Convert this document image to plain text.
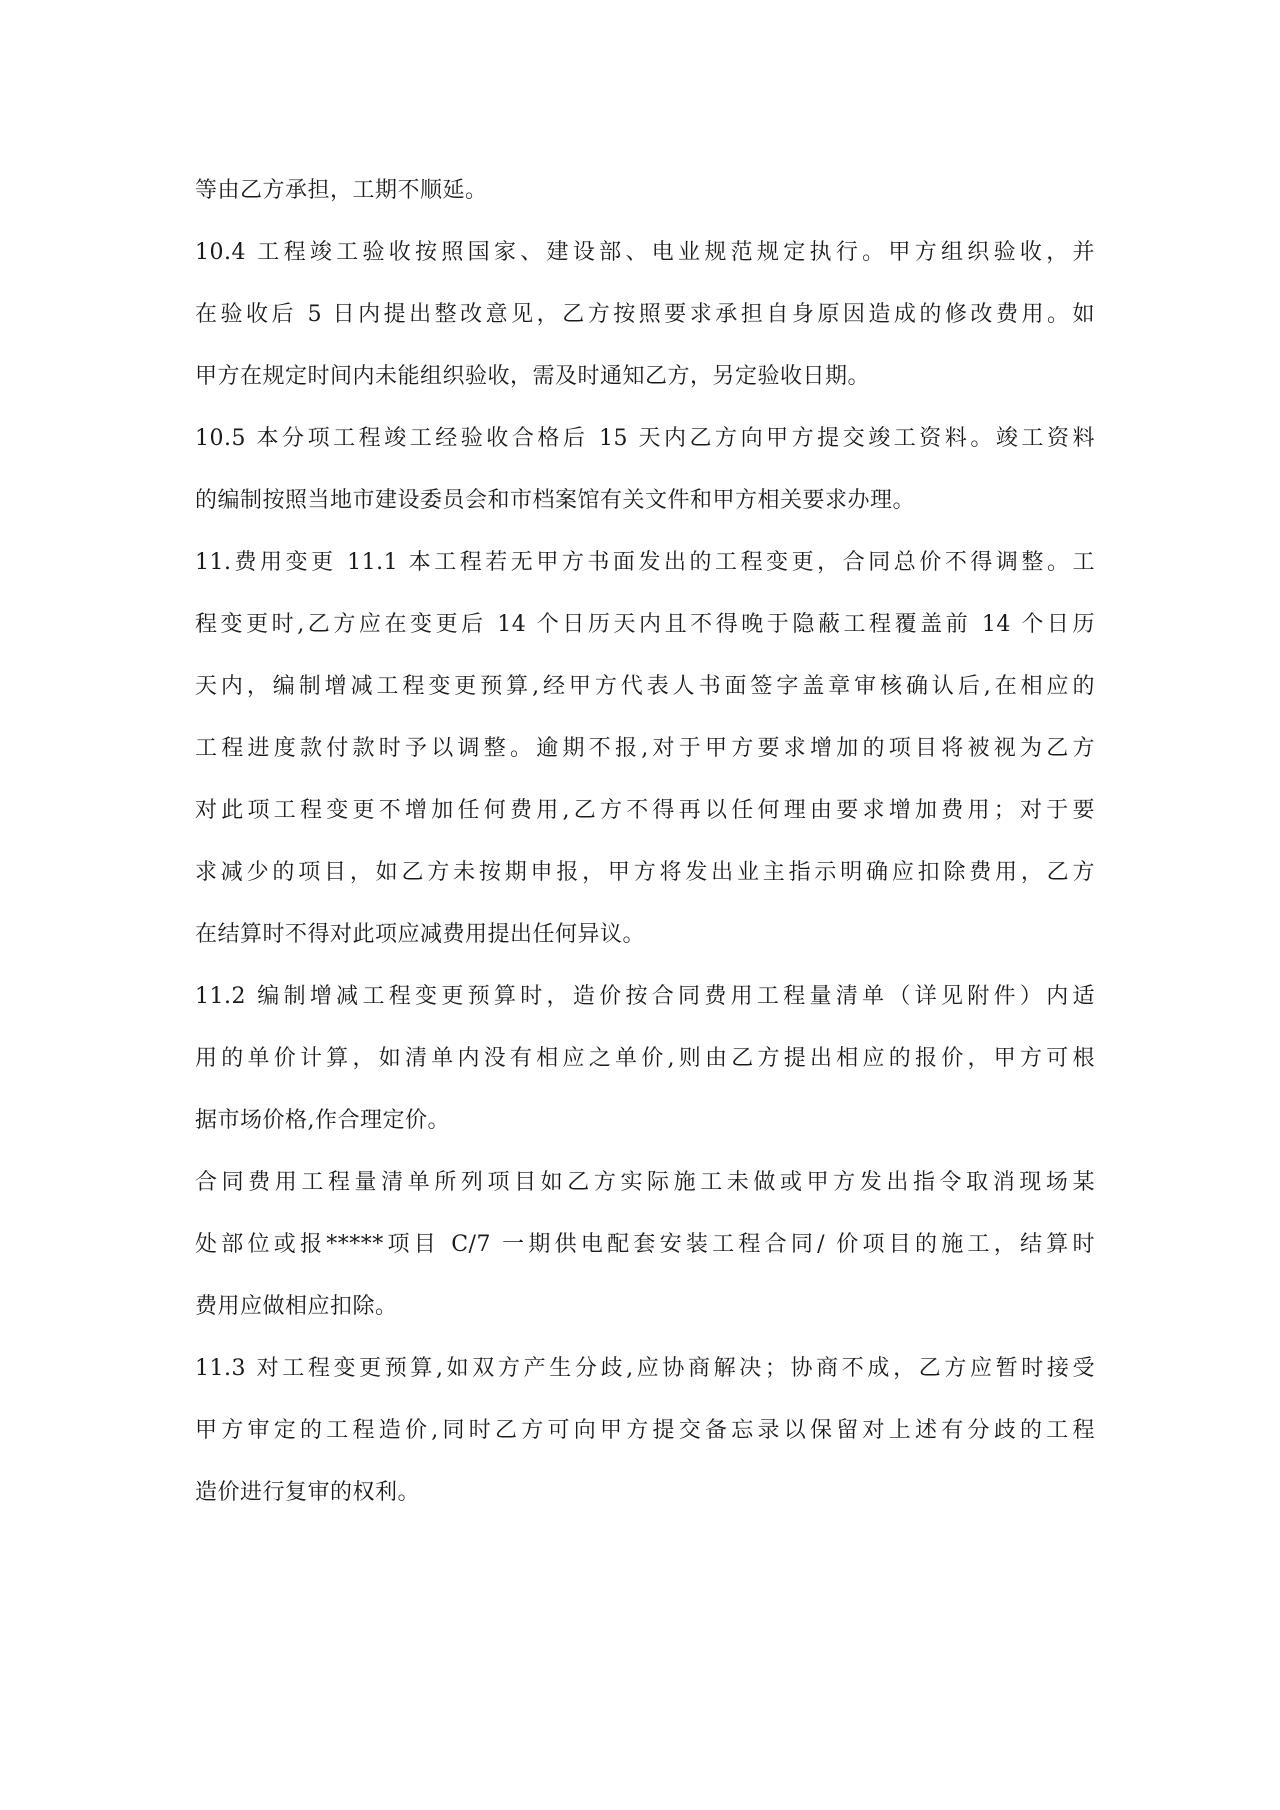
等由乙方承担，工期不顺延。
10.4 工程竣工验收按照国家、建设部、电业规范规定执行。甲方组织验收，并
在验收后 5 日内提出整改意见，乙方按照要求承担自身原因造成的修改费用。如
甲方在规定时间内未能组织验收，需及时通知乙方，另定验收日期。
10.5 本分项工程竣工经验收合格后 15 天内乙方向甲方提交竣工资料。竣工资料
的编制按照当地市建设委员会和市档案馆有关文件和甲方相关要求办理。
11.费用变更 11.1 本工程若无甲方书面发出的工程变更，合同总价不得调整。工
程变更时,乙方应在变更后 14 个日历天内且不得晚于隐蔽工程覆盖前 14 个日历
天内，编制增减工程变更预算,经甲方代表人书面签字盖章审核确认后,在相应的
工程进度款付款时予以调整。逾期不报,对于甲方要求增加的项目将被视为乙方
对此项工程变更不增加任何费用,乙方不得再以任何理由要求增加费用；对于要
求减少的项目，如乙方未按期申报，甲方将发出业主指示明确应扣除费用，乙方
在结算时不得对此项应减费用提出任何异议。
11.2 编制增减工程变更预算时，造价按合同费用工程量清单（详见附件）内适
用的单价计算，如清单内没有相应之单价,则由乙方提出相应的报价，甲方可根
据市场价格,作合理定价。
合同费用工程量清单所列项目如乙方实际施工未做或甲方发出指令取消现场某
处部位或报*****项目 C/7 一期供电配套安装工程合同/ 价项目的施工，结算时
费用应做相应扣除。
11.3 对工程变更预算,如双方产生分歧,应协商解决；协商不成，乙方应暂时接受
甲方审定的工程造价,同时乙方可向甲方提交备忘录以保留对上述有分歧的工程
造价进行复审的权利。
